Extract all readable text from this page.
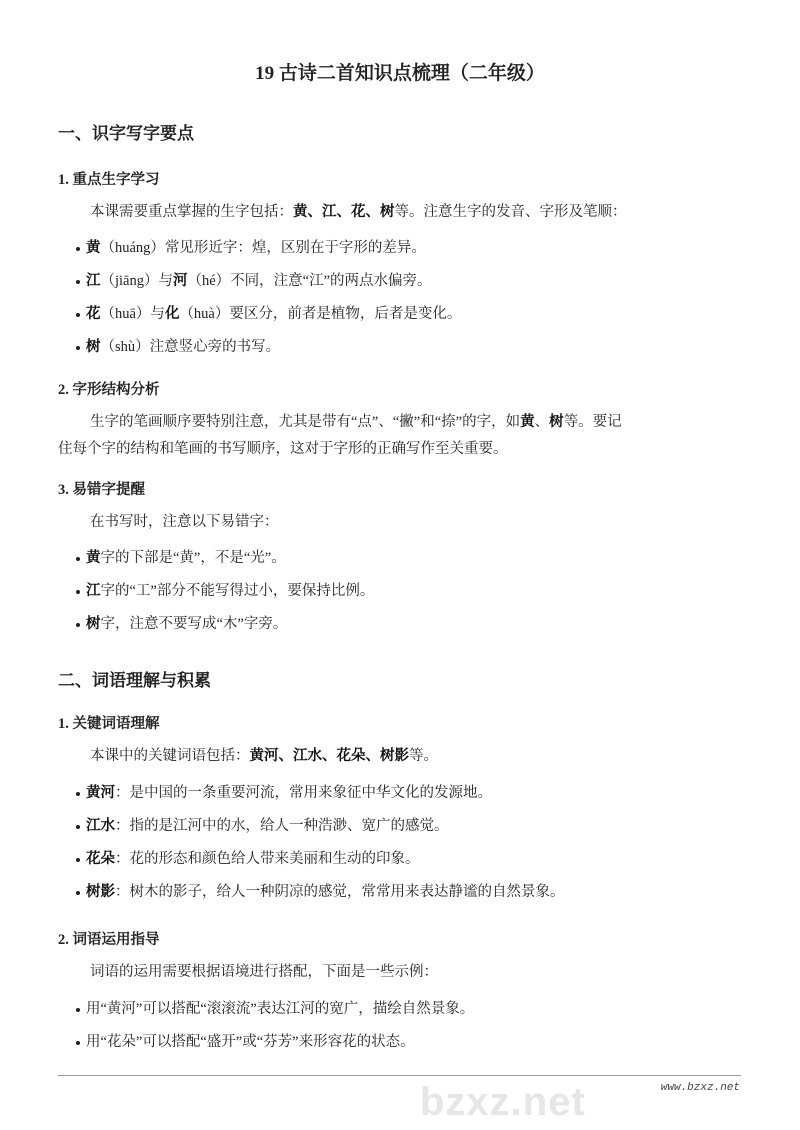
19 古诗二首知识点梳理（二年级）
一、识字写字要点
1. 重点生字学习
本课需要重点掌握的生字包括：黄、江、花、树等。注意生字的发音、字形及笔顺：
黄（huáng）常见形近字：煌，区别在于字形的差异。
江（jiāng）与河（hé）不同，注意“江”的两点水偏旁。
花（huā）与化（huà）要区分，前者是植物，后者是变化。
树（shù）注意竖心旁的书写。
2. 字形结构分析
生字的笔画顺序要特别注意，尤其是带有“点”、“撇”和“捺”的字，如黄、树等。要记
住每个字的结构和笔画的书写顺序，这对于字形的正确写作至关重要。
3. 易错字提醒
在书写时，注意以下易错字：
黄字的下部是“黄”，不是“光”。
江字的“工”部分不能写得过小，要保持比例。
树字，注意不要写成“木”字旁。
二、词语理解与积累
1. 关键词语理解
本课中的关键词语包括：黄河、江水、花朵、树影等。
黄河：是中国的一条重要河流，常用来象征中华文化的发源地。
江水：指的是江河中的水，给人一种浩渺、宽广的感觉。
花朵：花的形态和颜色给人带来美丽和生动的印象。
树影：树木的影子，给人一种阴凉的感觉，常常用来表达静谧的自然景象。
2. 词语运用指导
词语的运用需要根据语境进行搭配，下面是一些示例：
用“黄河”可以搭配“滚滚流”表达江河的宽广，描绘自然景象。
用“花朵”可以搭配“盛开”或“芬芳”来形容花的状态。
bzxz.net	www.bzxz.net
